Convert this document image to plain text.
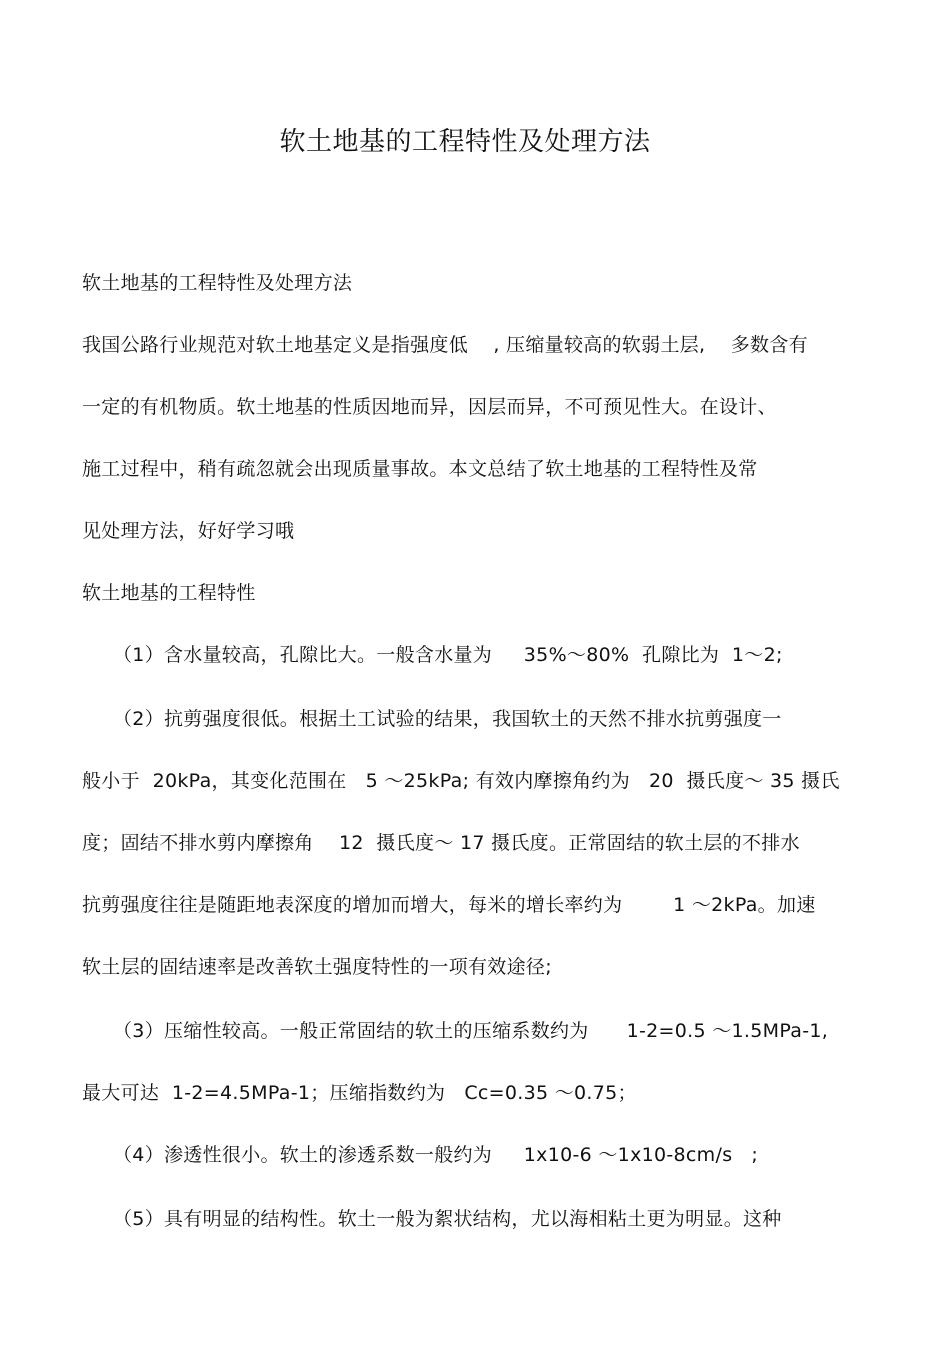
软土地基的工程特性及处理方法
软土地基的工程特性及处理方法
我国公路行业规范对软土地基定义是指强度低    , 压缩量较高的软弱土层,    多数含有
一定的有机物质。软土地基的性质因地而异，因层而异，不可预见性大。在设计、
施工过程中，稍有疏忽就会出现质量事故。本文总结了软土地基的工程特性及常
见处理方法，好好学习哦
软土地基的工程特性
（1）含水量较高，孔隙比大。一般含水量为     35%～80%  孔隙比为  1～2;
（2）抗剪强度很低。根据土工试验的结果，我国软土的天然不排水抗剪强度一
般小于  20kPa，其变化范围在   5 ～25kPa; 有效内摩擦角约为   20  摄氏度～ 35 摄氏
度；固结不排水剪内摩擦角    12  摄氏度～ 17 摄氏度。正常固结的软土层的不排水
抗剪强度往往是随距地表深度的增加而增大，每米的增长率约为        1 ～2kPa。加速
软土层的固结速率是改善软土强度特性的一项有效途径;
（3）压缩性较高。一般正常固结的软土的压缩系数约为      1-2=0.5 ～1.5MPa-1,
最大可达  1-2=4.5MPa-1；压缩指数约为   Cc=0.35 ～0.75；
（4）渗透性很小。软土的渗透系数一般约为     1x10-6 ～1x10-8cm/s   ;
（5）具有明显的结构性。软土一般为絮状结构，尤以海相粘土更为明显。这种
